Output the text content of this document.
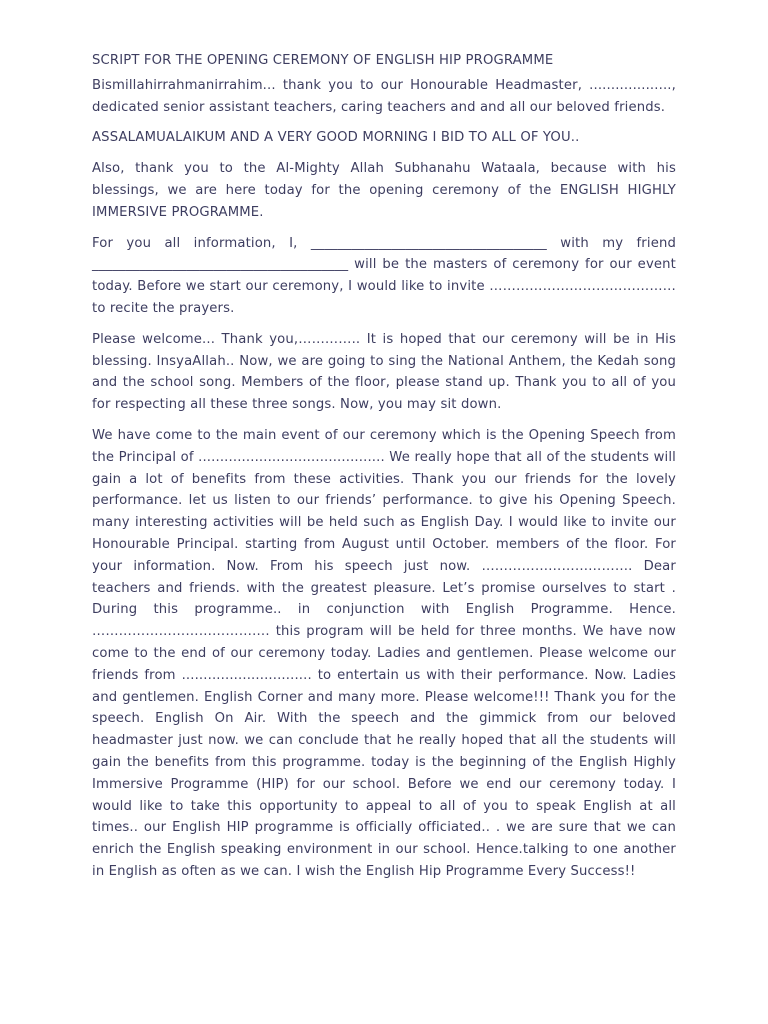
SCRIPT FOR THE OPENING CEREMONY OF ENGLISH HIP PROGRAMME

Bismillahirrahmanirrahim... thank you to our Honourable Headmaster, ..................., dedicated senior assistant teachers, caring teachers and and all our beloved friends.

ASSALAMUALAIKUM AND A VERY GOOD MORNING I BID TO ALL OF YOU..

Also, thank you to the Al-Mighty Allah Subhanahu Wataala, because with his blessings, we are here today for the opening ceremony of the ENGLISH HIGHLY IMMERSIVE PROGRAMME.

For you all information, I, ___________________________________ with my friend ______________________________________ will be the masters of ceremony for our event today. Before we start our ceremony, I would like to invite ……………………………………to recite the prayers.

Please welcome... Thank you,………….. It is hoped that our ceremony will be in His blessing. InsyaAllah.. Now, we are going to sing the National Anthem, the Kedah song and the school song. Members of the floor, please stand up. Thank you to all of you for respecting all these three songs. Now, you may sit down.

We have come to the main event of our ceremony which is the Opening Speech from the Principal of ........................................... We really hope that all of the students will gain a lot of benefits from these activities. Thank you our friends for the lovely performance. let us listen to our friends’ performance. to give his Opening Speech. many interesting activities will be held such as English Day. I would like to invite our Honourable Principal. starting from August until October. members of the floor. For your information. Now. From his speech just now. ……………………………. Dear teachers and friends. with the greatest pleasure. Let’s promise ourselves to start . During this programme.. in conjunction with English Programme. Hence. …………………………………. this program will be held for three months. We have now come to the end of our ceremony today. Ladies and gentlemen. Please welcome our friends from .............................. to entertain us with their performance. Now. Ladies and gentlemen. English Corner and many more. Please welcome!!! Thank you for the speech. English On Air. With the speech and the gimmick from our beloved headmaster just now. we can conclude that he really hoped that all the students will gain the benefits from this programme. today is the beginning of the English Highly Immersive Programme (HIP) for our school. Before we end our ceremony today. I would like to take this opportunity to appeal to all of you to speak English at all times.. our English HIP programme is officially officiated.. . we are sure that we can enrich the English speaking environment in our school. Hence.talking to one another in English as often as we can. I wish the English Hip Programme Every Success!!
